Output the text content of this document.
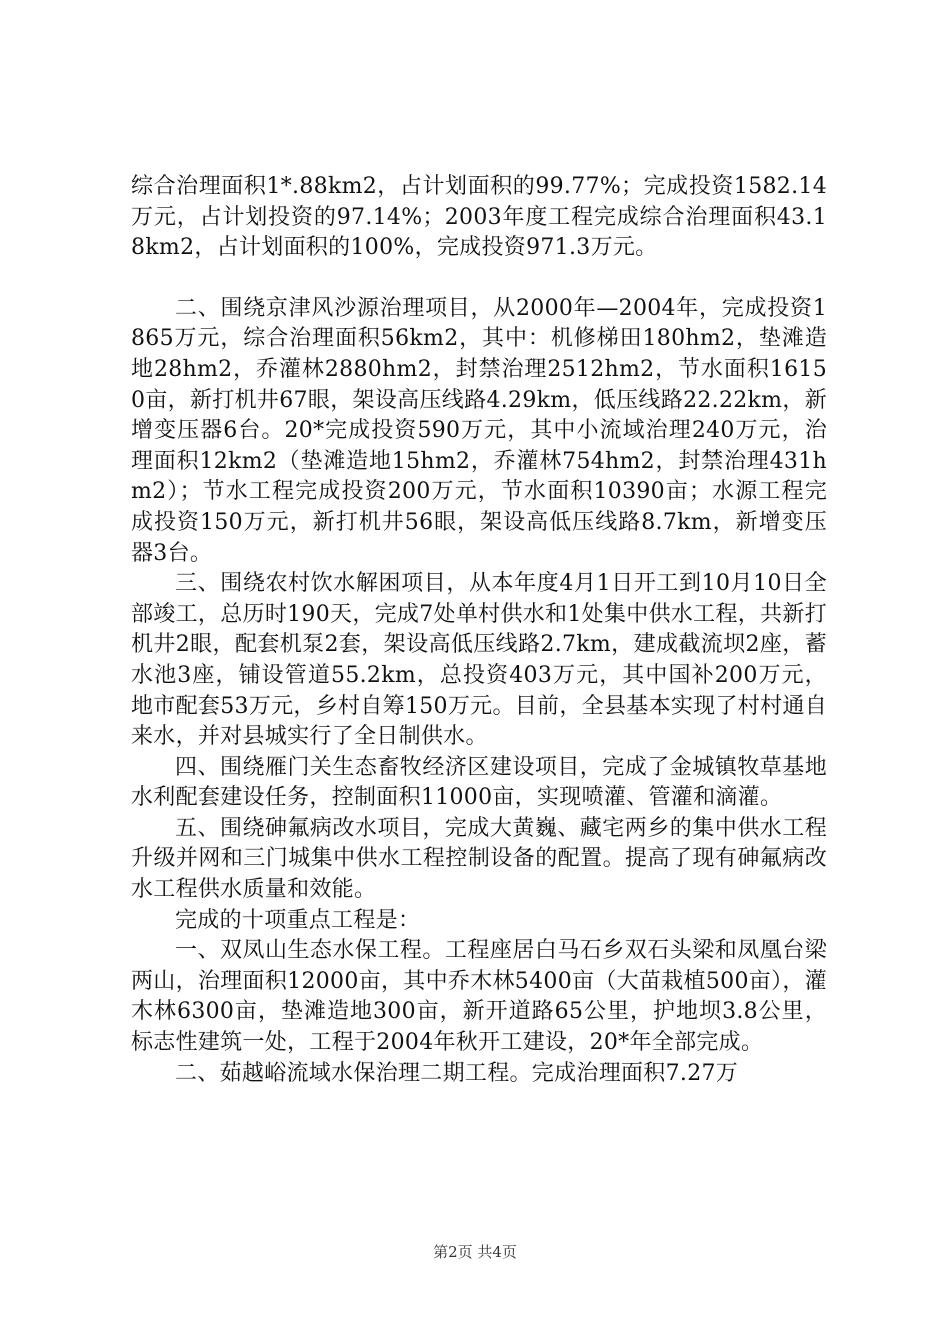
综合治理面积1*.88km2，占计划面积的99.77%；完成投资1582.14万元，占计划投资的97.14%；2003年度工程完成综合治理面积43.18km2，占计划面积的100%，完成投资971.3万元。

二、围绕京津风沙源治理项目，从2000年—2004年，完成投资1865万元，综合治理面积56km2，其中：机修梯田180hm2，垫滩造地28hm2，乔灌林2880hm2，封禁治理2512hm2，节水面积16150亩，新打机井67眼，架设高压线路4.29km，低压线路22.22km，新增变压器6台。20*完成投资590万元，其中小流域治理240万元，治理面积12km2（垫滩造地15hm2，乔灌林754hm2，封禁治理431hm2）；节水工程完成投资200万元，节水面积10390亩；水源工程完成投资150万元，新打机井56眼，架设高低压线路8.7km，新增变压器3台。

三、围绕农村饮水解困项目，从本年度4月1日开工到10月10日全部竣工，总历时190天，完成7处单村供水和1处集中供水工程，共新打机井2眼，配套机泵2套，架设高低压线路2.7km，建成截流坝2座，蓄水池3座，铺设管道55.2km，总投资403万元，其中国补200万元，地市配套53万元，乡村自筹150万元。目前，全县基本实现了村村通自来水，并对县城实行了全日制供水。

四、围绕雁门关生态畜牧经济区建设项目，完成了金城镇牧草基地水利配套建设任务，控制面积11000亩，实现喷灌、管灌和滴灌。

五、围绕砷氟病改水项目，完成大黄巍、藏宅两乡的集中供水工程升级并网和三门城集中供水工程控制设备的配置。提高了现有砷氟病改水工程供水质量和效能。

完成的十项重点工程是：

一、双凤山生态水保工程。工程座居白马石乡双石头梁和凤凰台梁两山，治理面积12000亩，其中乔木林5400亩（大苗栽植500亩），灌木林6300亩，垫滩造地300亩，新开道路65公里，护地坝3.8公里，标志性建筑一处，工程于2004年秋开工建设，20*年全部完成。

二、茹越峪流域水保治理二期工程。完成治理面积7.27万

第2页 共4页
